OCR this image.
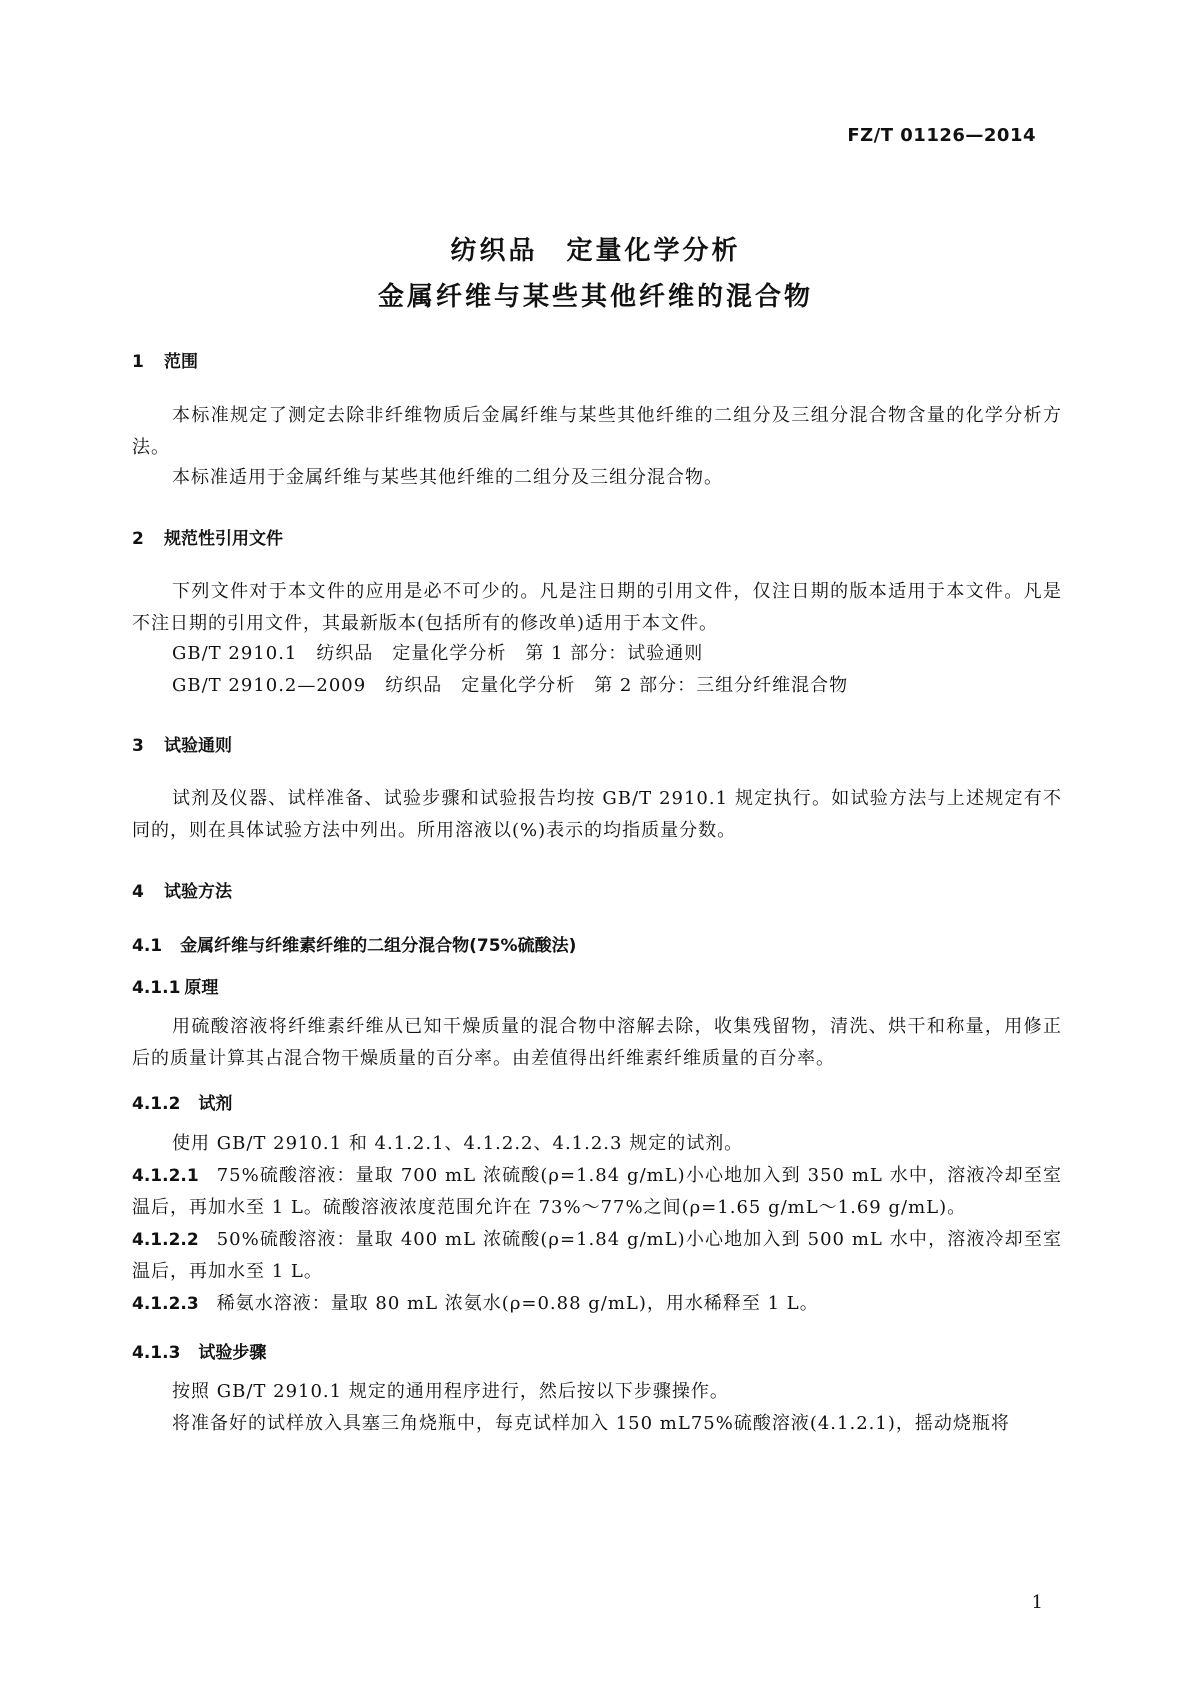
FZ/T 01126—2014
纺织品　定量化学分析
金属纤维与某些其他纤维的混合物
1 范围
本标准规定了测定去除非纤维物质后金属纤维与某些其他纤维的二组分及三组分混合物含量的化学分析方法。
本标准适用于金属纤维与某些其他纤维的二组分及三组分混合物。
2 规范性引用文件
下列文件对于本文件的应用是必不可少的。凡是注日期的引用文件，仅注日期的版本适用于本文件。凡是不注日期的引用文件，其最新版本(包括所有的修改单)适用于本文件。
GB/T 2910.1　纺织品　定量化学分析　第 1 部分：试验通则
GB/T 2910.2—2009　纺织品　定量化学分析　第 2 部分：三组分纤维混合物
3 试验通则
试剂及仪器、试样准备、试验步骤和试验报告均按 GB/T 2910.1 规定执行。如试验方法与上述规定有不同的，则在具体试验方法中列出。所用溶液以(%)表示的均指质量分数。
4 试验方法
4.1 金属纤维与纤维素纤维的二组分混合物(75%硫酸法)
4.1.1 原理
用硫酸溶液将纤维素纤维从已知干燥质量的混合物中溶解去除，收集残留物，清洗、烘干和称量，用修正后的质量计算其占混合物干燥质量的百分率。由差值得出纤维素纤维质量的百分率。
4.1.2 试剂
使用 GB/T 2910.1 和 4.1.2.1、4.1.2.2、4.1.2.3 规定的试剂。
4.1.2.1 75%硫酸溶液：量取 700 mL 浓硫酸(ρ=1.84 g/mL)小心地加入到 350 mL 水中，溶液冷却至室温后，再加水至 1 L。硫酸溶液浓度范围允许在 73%～77%之间(ρ=1.65 g/mL～1.69 g/mL)。
4.1.2.2 50%硫酸溶液：量取 400 mL 浓硫酸(ρ=1.84 g/mL)小心地加入到 500 mL 水中，溶液冷却至室温后，再加水至 1 L。
4.1.2.3 稀氨水溶液：量取 80 mL 浓氨水(ρ=0.88 g/mL)，用水稀释至 1 L。
4.1.3 试验步骤
按照 GB/T 2910.1 规定的通用程序进行，然后按以下步骤操作。
将准备好的试样放入具塞三角烧瓶中，每克试样加入 150 mL75%硫酸溶液(4.1.2.1)，摇动烧瓶将
1
